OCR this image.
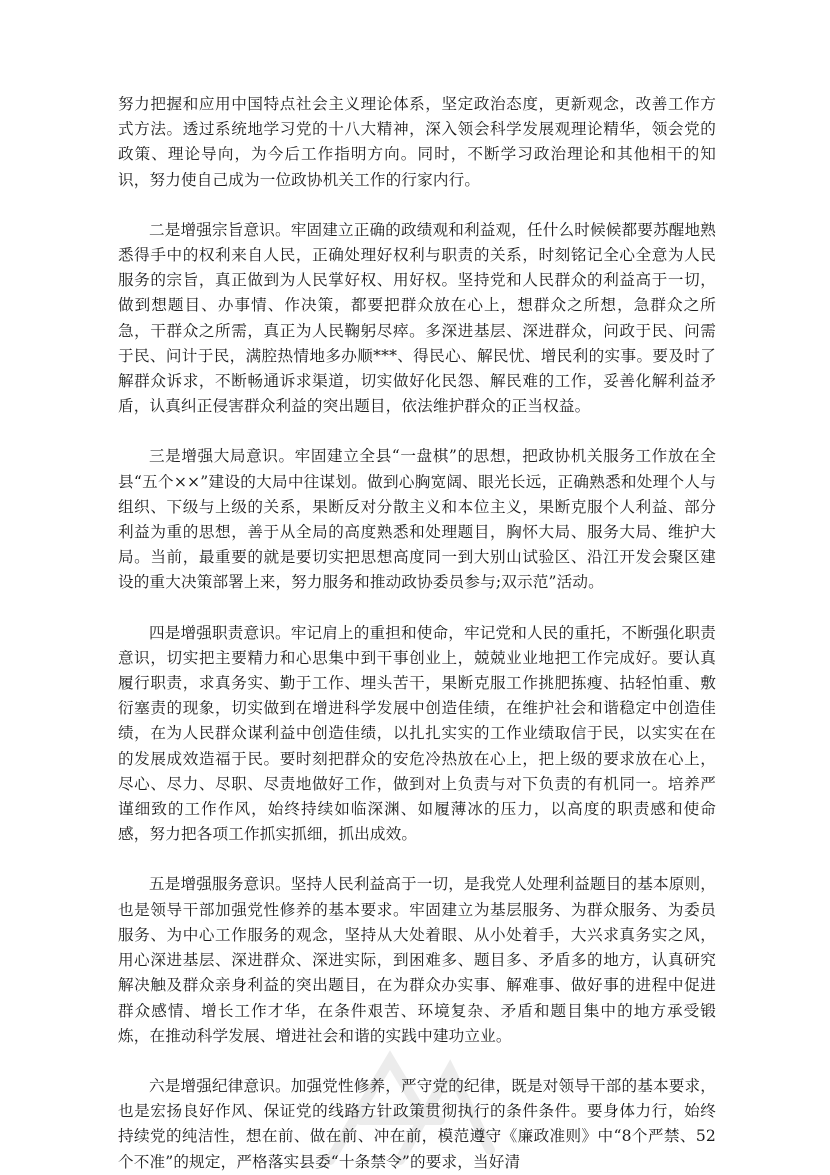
努力把握和应用中国特点社会主义理论体系，坚定政治态度，更新观念，改善工作方式方法。透过系统地学习党的十八大精神，深入领会科学发展观理论精华，领会党的政策、理论导向，为今后工作指明方向。同时，不断学习政治理论和其他相干的知识，努力使自己成为一位政协机关工作的行家内行。

二是增强宗旨意识。牢固建立正确的政绩观和利益观，任什么时候候都要苏醒地熟悉得手中的权利来自人民，正确处理好权利与职责的关系，时刻铭记全心全意为人民服务的宗旨，真正做到为人民掌好权、用好权。坚持党和人民群众的利益高于一切，做到想题目、办事情、作决策，都要把群众放在心上，想群众之所想，急群众之所急，干群众之所需，真正为人民鞠躬尽瘁。多深进基层、深进群众，问政于民、问需于民、问计于民，满腔热情地多办顺***、得民心、解民忧、增民利的实事。要及时了解群众诉求，不断畅通诉求渠道，切实做好化民怨、解民难的工作，妥善化解利益矛盾，认真纠正侵害群众利益的突出题目，依法维护群众的正当权益。

三是增强大局意识。牢固建立全县“一盘棋”的思想，把政协机关服务工作放在全县“五个××”建设的大局中往谋划。做到心胸宽阔、眼光长远，正确熟悉和处理个人与组织、下级与上级的关系，果断反对分散主义和本位主义，果断克服个人利益、部分利益为重的思想，善于从全局的高度熟悉和处理题目，胸怀大局、服务大局、维护大局。当前，最重要的就是要切实把思想高度同一到大别山试验区、沿江开发会聚区建设的重大决策部署上来，努力服务和推动政协委员参与;双示范”活动。

四是增强职责意识。牢记肩上的重担和使命，牢记党和人民的重托，不断强化职责意识，切实把主要精力和心思集中到干事创业上，兢兢业业地把工作完成好。要认真履行职责，求真务实、勤于工作、埋头苦干，果断克服工作挑肥拣瘦、拈轻怕重、敷衍塞责的现象，切实做到在增进科学发展中创造佳绩，在维护社会和谐稳定中创造佳绩，在为人民群众谋利益中创造佳绩，以扎扎实实的工作业绩取信于民，以实实在在的发展成效造福于民。要时刻把群众的安危冷热放在心上，把上级的要求放在心上，尽心、尽力、尽职、尽责地做好工作，做到对上负责与对下负责的有机同一。培养严谨细致的工作作风，始终持续如临深渊、如履薄冰的压力，以高度的职责感和使命感，努力把各项工作抓实抓细，抓出成效。

五是增强服务意识。坚持人民利益高于一切，是我党人处理利益题目的基本原则，也是领导干部加强党性修养的基本要求。牢固建立为基层服务、为群众服务、为委员服务、为中心工作服务的观念，坚持从大处着眼、从小处着手，大兴求真务实之风，用心深进基层、深进群众、深进实际，到困难多、题目多、矛盾多的地方，认真研究解决触及群众亲身利益的突出题目，在为群众办实事、解难事、做好事的进程中促进群众感情、增长工作才华，在条件艰苦、环境复杂、矛盾和题目集中的地方承受锻炼，在推动科学发展、增进社会和谐的实践中建功立业。

六是增强纪律意识。加强党性修养，严守党的纪律，既是对领导干部的基本要求，也是宏扬良好作风、保证党的线路方针政策贯彻执行的条件条件。要身体力行，始终持续党的纯洁性，想在前、做在前、冲在前，模范遵守《廉政准则》中“8个严禁、52个不准”的规定，严格落实县委“十条禁令”的要求，当好清
